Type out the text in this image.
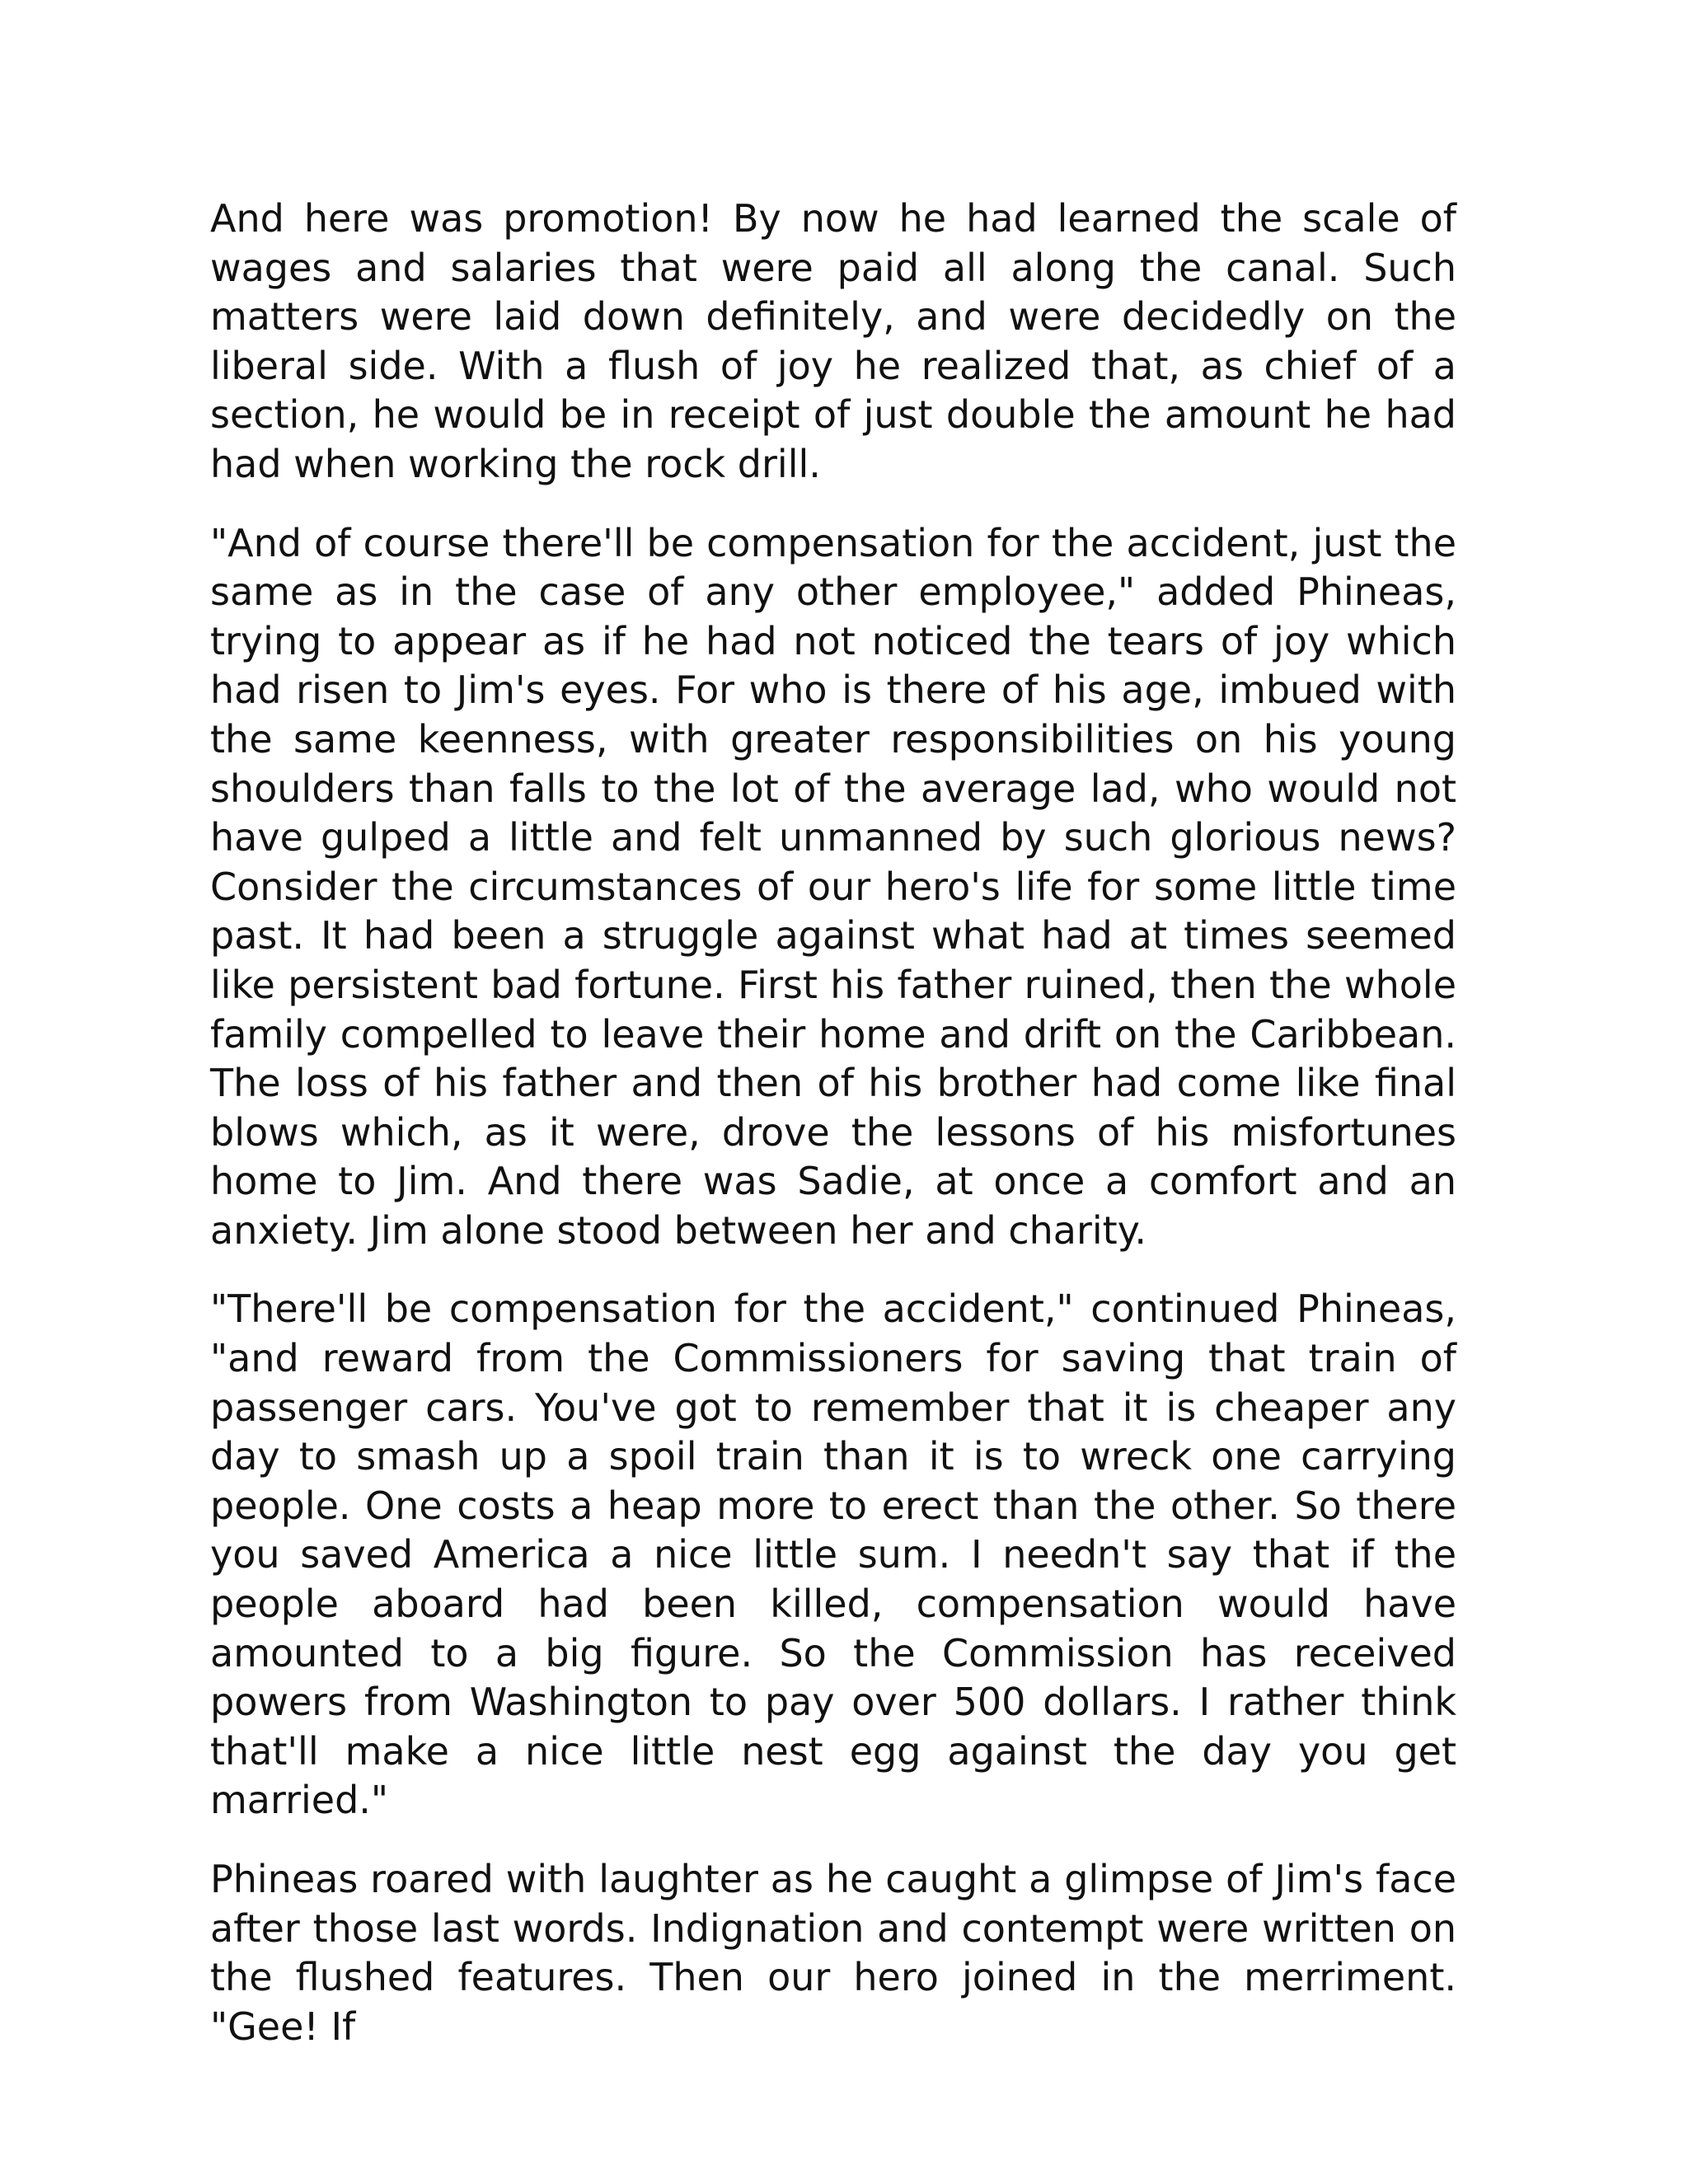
And here was promotion! By now he had learned the scale of wages and salaries that were paid all along the canal. Such matters were laid down definitely, and were decidedly on the liberal side. With a flush of joy he realized that, as chief of a section, he would be in receipt of just double the amount he had had when working the rock drill.

"And of course there'll be compensation for the accident, just the same as in the case of any other employee," added Phineas, trying to appear as if he had not noticed the tears of joy which had risen to Jim's eyes. For who is there of his age, imbued with the same keenness, with greater responsibilities on his young shoulders than falls to the lot of the average lad, who would not have gulped a little and felt unmanned by such glorious news? Consider the circumstances of our hero's life for some little time past. It had been a struggle against what had at times seemed like persistent bad fortune. First his father ruined, then the whole family compelled to leave their home and drift on the Caribbean. The loss of his father and then of his brother had come like final blows which, as it were, drove the lessons of his misfortunes home to Jim. And there was Sadie, at once a comfort and an anxiety. Jim alone stood between her and charity.

"There'll be compensation for the accident," continued Phineas, "and reward from the Commissioners for saving that train of passenger cars. You've got to remember that it is cheaper any day to smash up a spoil train than it is to wreck one carrying people. One costs a heap more to erect than the other. So there you saved America a nice little sum. I needn't say that if the people aboard had been killed, compensation would have amounted to a big figure. So the Commission has received powers from Washington to pay over 500 dollars. I rather think that'll make a nice little nest egg against the day you get married."

Phineas roared with laughter as he caught a glimpse of Jim's face after those last words. Indignation and contempt were written on the flushed features. Then our hero joined in the merriment. "Gee! If
